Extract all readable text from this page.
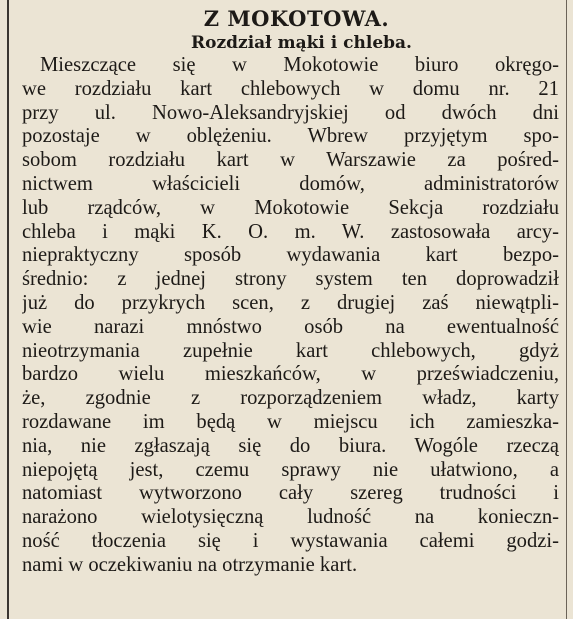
Z MOKOTOWA.
Rozdział mąki i chleba.
Mieszczące się w Mokotowie biuro okręgo-
we rozdziału kart chlebowych w domu nr. 21
przy ul. Nowo-Aleksandryjskiej od dwóch dni
pozostaje w oblężeniu. Wbrew przyjętym spo-
sobom rozdziału kart w Warszawie za pośred-
nictwem właścicieli domów, administratorów
lub rządców, w Mokotowie Sekcja rozdziału
chleba i mąki K. O. m. W. zastosowała arcy-
niepraktyczny sposób wydawania kart bezpo-
średnio: z jednej strony system ten doprowadził
już do przykrych scen, z drugiej zaś niewątpli-
wie narazi mnóstwo osób na ewentualność
nieotrzymania zupełnie kart chlebowych, gdyż
bardzo wielu mieszkańców, w przeświadczeniu,
że, zgodnie z rozporządzeniem władz, karty
rozdawane im będą w miejscu ich zamieszka-
nia, nie zgłaszają się do biura. Wogóle rzeczą
niepojętą jest, czemu sprawy nie ułatwiono, a
natomiast wytworzono cały szereg trudności i
narażono wielotysięczną ludność na konieczn-
ność tłoczenia się i wystawania całemi godzi-
nami w oczekiwaniu na otrzymanie kart.
